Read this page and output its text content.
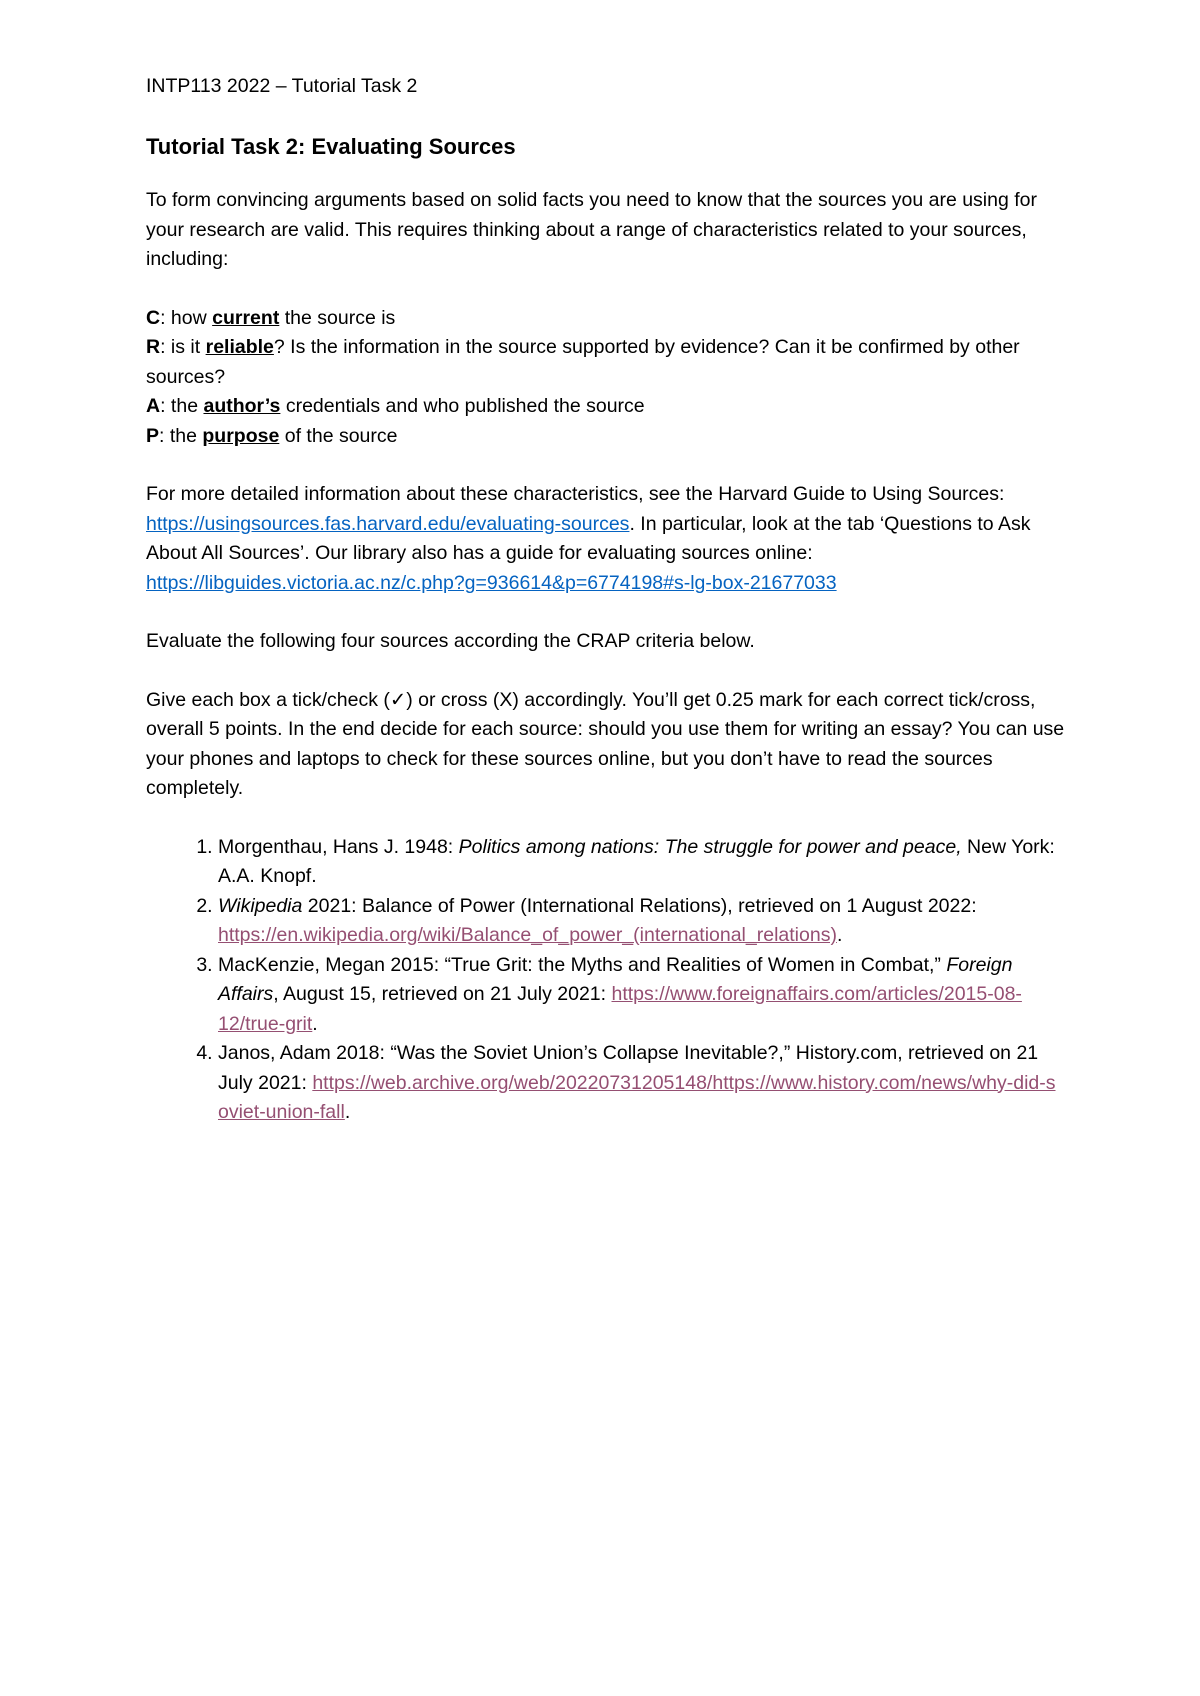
INTP113 2022 – Tutorial Task 2

Tutorial Task 2: Evaluating Sources

To form convincing arguments based on solid facts you need to know that the sources you are using for your research are valid. This requires thinking about a range of characteristics related to your sources, including:

C: how current the source is

R: is it reliable? Is the information in the source supported by evidence? Can it be confirmed by other sources?

A: the author’s credentials and who published the source

P: the purpose of the source

For more detailed information about these characteristics, see the Harvard Guide to Using Sources: https://usingsources.fas.harvard.edu/evaluating-sources. In particular, look at the tab ‘Questions to Ask About All Sources’. Our library also has a guide for evaluating sources online: https://libguides.victoria.ac.nz/c.php?g=936614&p=6774198#s-lg-box-21677033

Evaluate the following four sources according the CRAP criteria below.

Give each box a tick/check (✓) or cross (X) accordingly. You’ll get 0.25 mark for each correct tick/cross, overall 5 points. In the end decide for each source: should you use them for writing an essay? You can use your phones and laptops to check for these sources online, but you don’t have to read the sources completely.

1. Morgenthau, Hans J. 1948: Politics among nations: The struggle for power and peace, New York: A.A. Knopf.
2. Wikipedia 2021: Balance of Power (International Relations), retrieved on 1 August 2022: https://en.wikipedia.org/wiki/Balance_of_power_(international_relations).
3. MacKenzie, Megan 2015: “True Grit: the Myths and Realities of Women in Combat,” Foreign Affairs, August 15, retrieved on 21 July 2021: https://www.foreignaffairs.com/articles/2015-08-12/true-grit.
4. Janos, Adam 2018: “Was the Soviet Union’s Collapse Inevitable?,” History.com, retrieved on 21 July 2021: https://web.archive.org/web/20220731205148/https://www.history.com/news/why-did-soviet-union-fall.
